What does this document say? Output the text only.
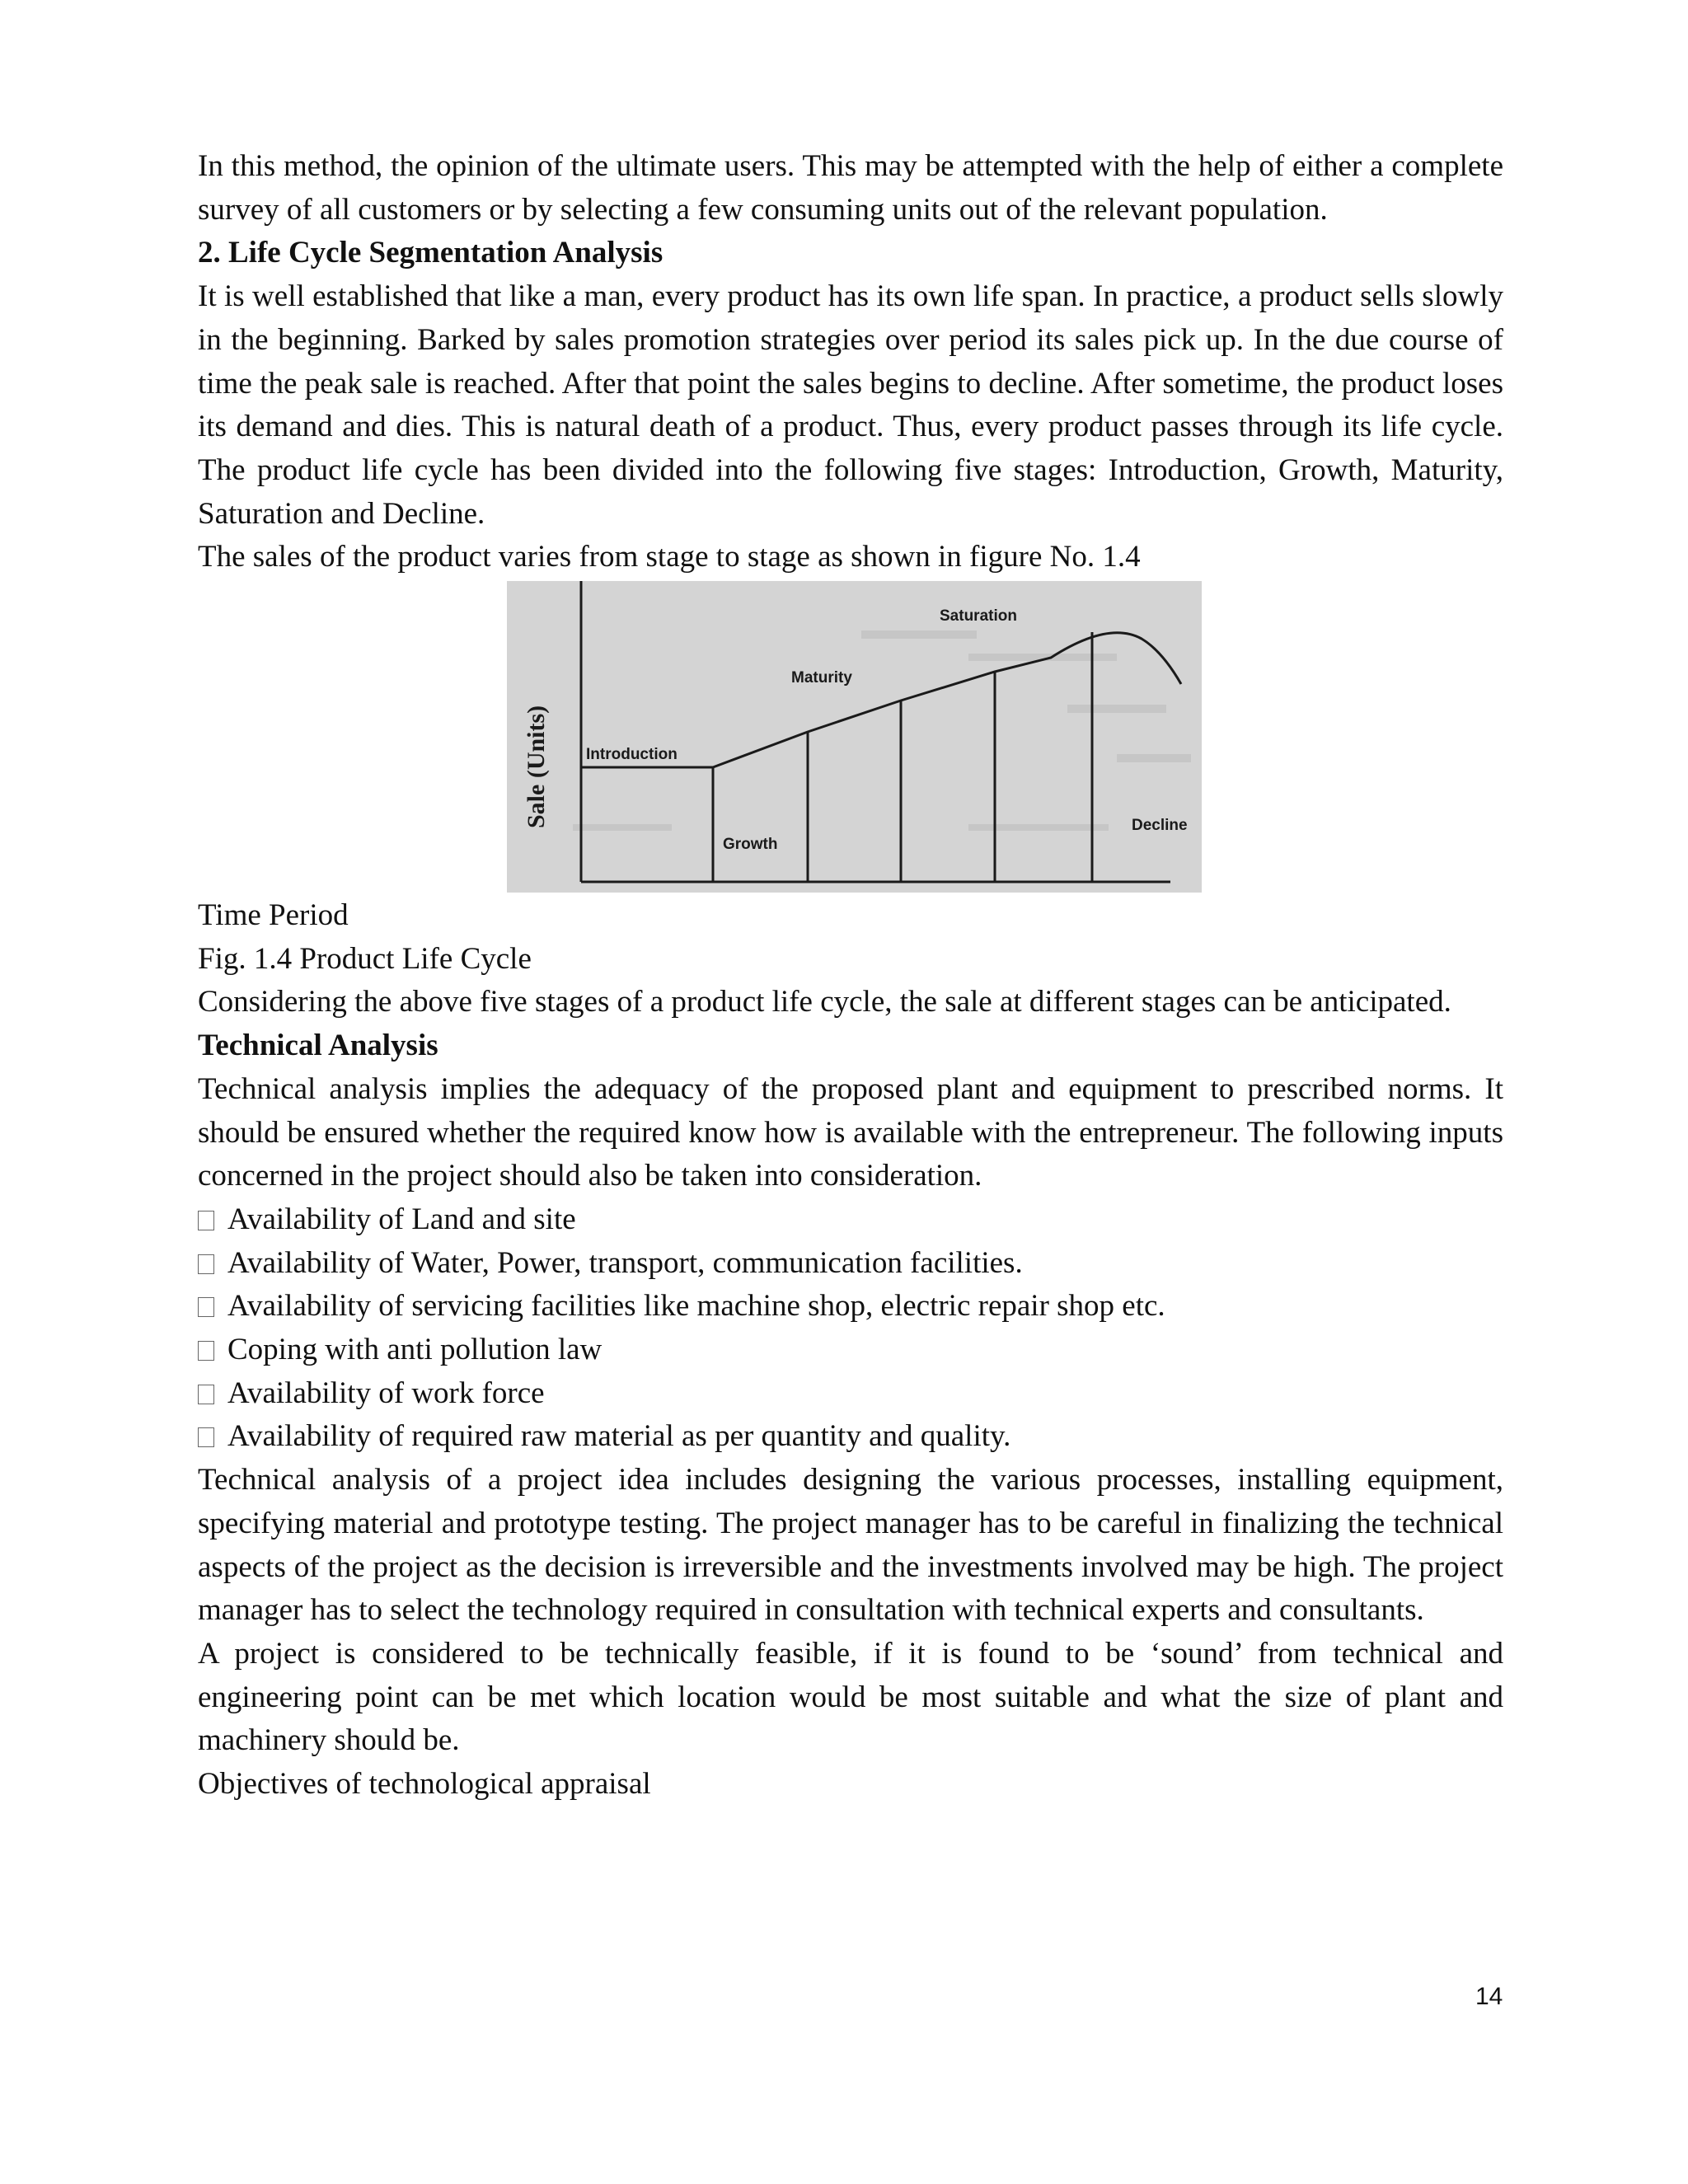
In this method, the opinion of the ultimate users. This may be attempted with the help of either a complete survey of all customers or by selecting a few consuming units out of the relevant population.

2. Life Cycle Segmentation Analysis

It is well established that like a man, every product has its own life span. In practice, a product sells slowly in the beginning. Barked by sales promotion strategies over period its sales pick up. In the due course of time the peak sale is reached. After that point the sales begins to decline. After sometime, the product loses its demand and dies. This is natural death of a product. Thus, every product passes through its life cycle. The product life cycle has been divided into the following five stages: Introduction, Growth, Maturity, Saturation and Decline.

The sales of the product varies from stage to stage as shown in figure No. 1.4

Sale (Units) Introduction
Growth
Maturity
Saturation
Decline

Time Period

Fig. 1.4 Product Life Cycle

Considering the above five stages of a product life cycle, the sale at different stages can be anticipated.

Technical Analysis

Technical analysis implies the adequacy of the proposed plant and equipment to prescribed norms. It should be ensured whether the required know how is available with the entrepreneur. The following inputs concerned in the project should also be taken into consideration.

Availability of Land and site

Availability of Water, Power, transport, communication facilities.

Availability of servicing facilities like machine shop, electric repair shop etc.

Coping with anti pollution law

Availability of work force

Availability of required raw material as per quantity and quality.

Technical analysis of a project idea includes designing the various processes, installing equipment, specifying material and prototype testing. The project manager has to be careful in finalizing the technical aspects of the project as the decision is irreversible and the investments involved may be high. The project manager has to select the technology required in consultation with technical experts and consultants.

A project is considered to be technically feasible, if it is found to be ‘sound’ from technical and engineering point can be met which location would be most suitable and what the size of plant and machinery should be.

Objectives of technological appraisal

14
